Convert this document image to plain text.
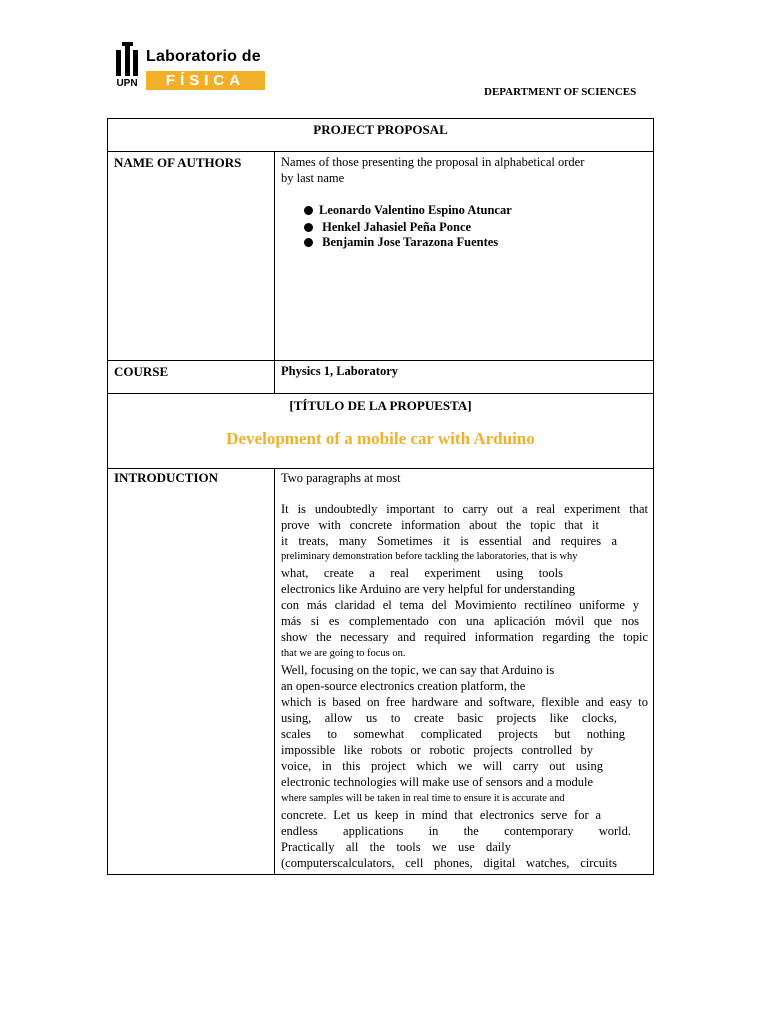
UPN
Laboratorio de
FÍSICA
DEPARTMENT OF SCIENCES
PROJECT PROPOSAL
NAME OF AUTHORS	Names of those presenting the proposal in alphabetical order
by last name
Leonardo Valentino Espino Atuncar
Henkel Jahasiel Peña Ponce
Benjamin Jose Tarazona Fuentes
COURSE	Physics 1, Laboratory
[TÍTULO DE LA PROPUESTA]
Development of a mobile car with Arduino
INTRODUCTION	Two paragraphs at most
It is undoubtedly important to carry out a real experiment that
prove with concrete information about the topic that it
it treats, many Sometimes it is essential and requires a
preliminary demonstration before tackling the laboratories, that is why
what, create a real experiment using tools
electronics like Arduino are very helpful for understanding
con más claridad el tema del Movimiento rectilíneo uniforme y
más si es complementado con una aplicación móvil que nos
show the necessary and required information regarding the topic
that we are going to focus on.
Well, focusing on the topic, we can say that Arduino is
an open-source electronics creation platform, the
which is based on free hardware and software, flexible and easy to
using, allow us to create basic projects like clocks,
scales to somewhat complicated projects but nothing
impossible like robots or robotic projects controlled by
voice, in this project which we will carry out using
electronic technologies will make use of sensors and a module
where samples will be taken in real time to ensure it is accurate and
concrete. Let us keep in mind that electronics serve for a
endless applications in the contemporary world.
Practically all the tools we use daily
(computerscalculators, cell phones, digital watches, circuits
